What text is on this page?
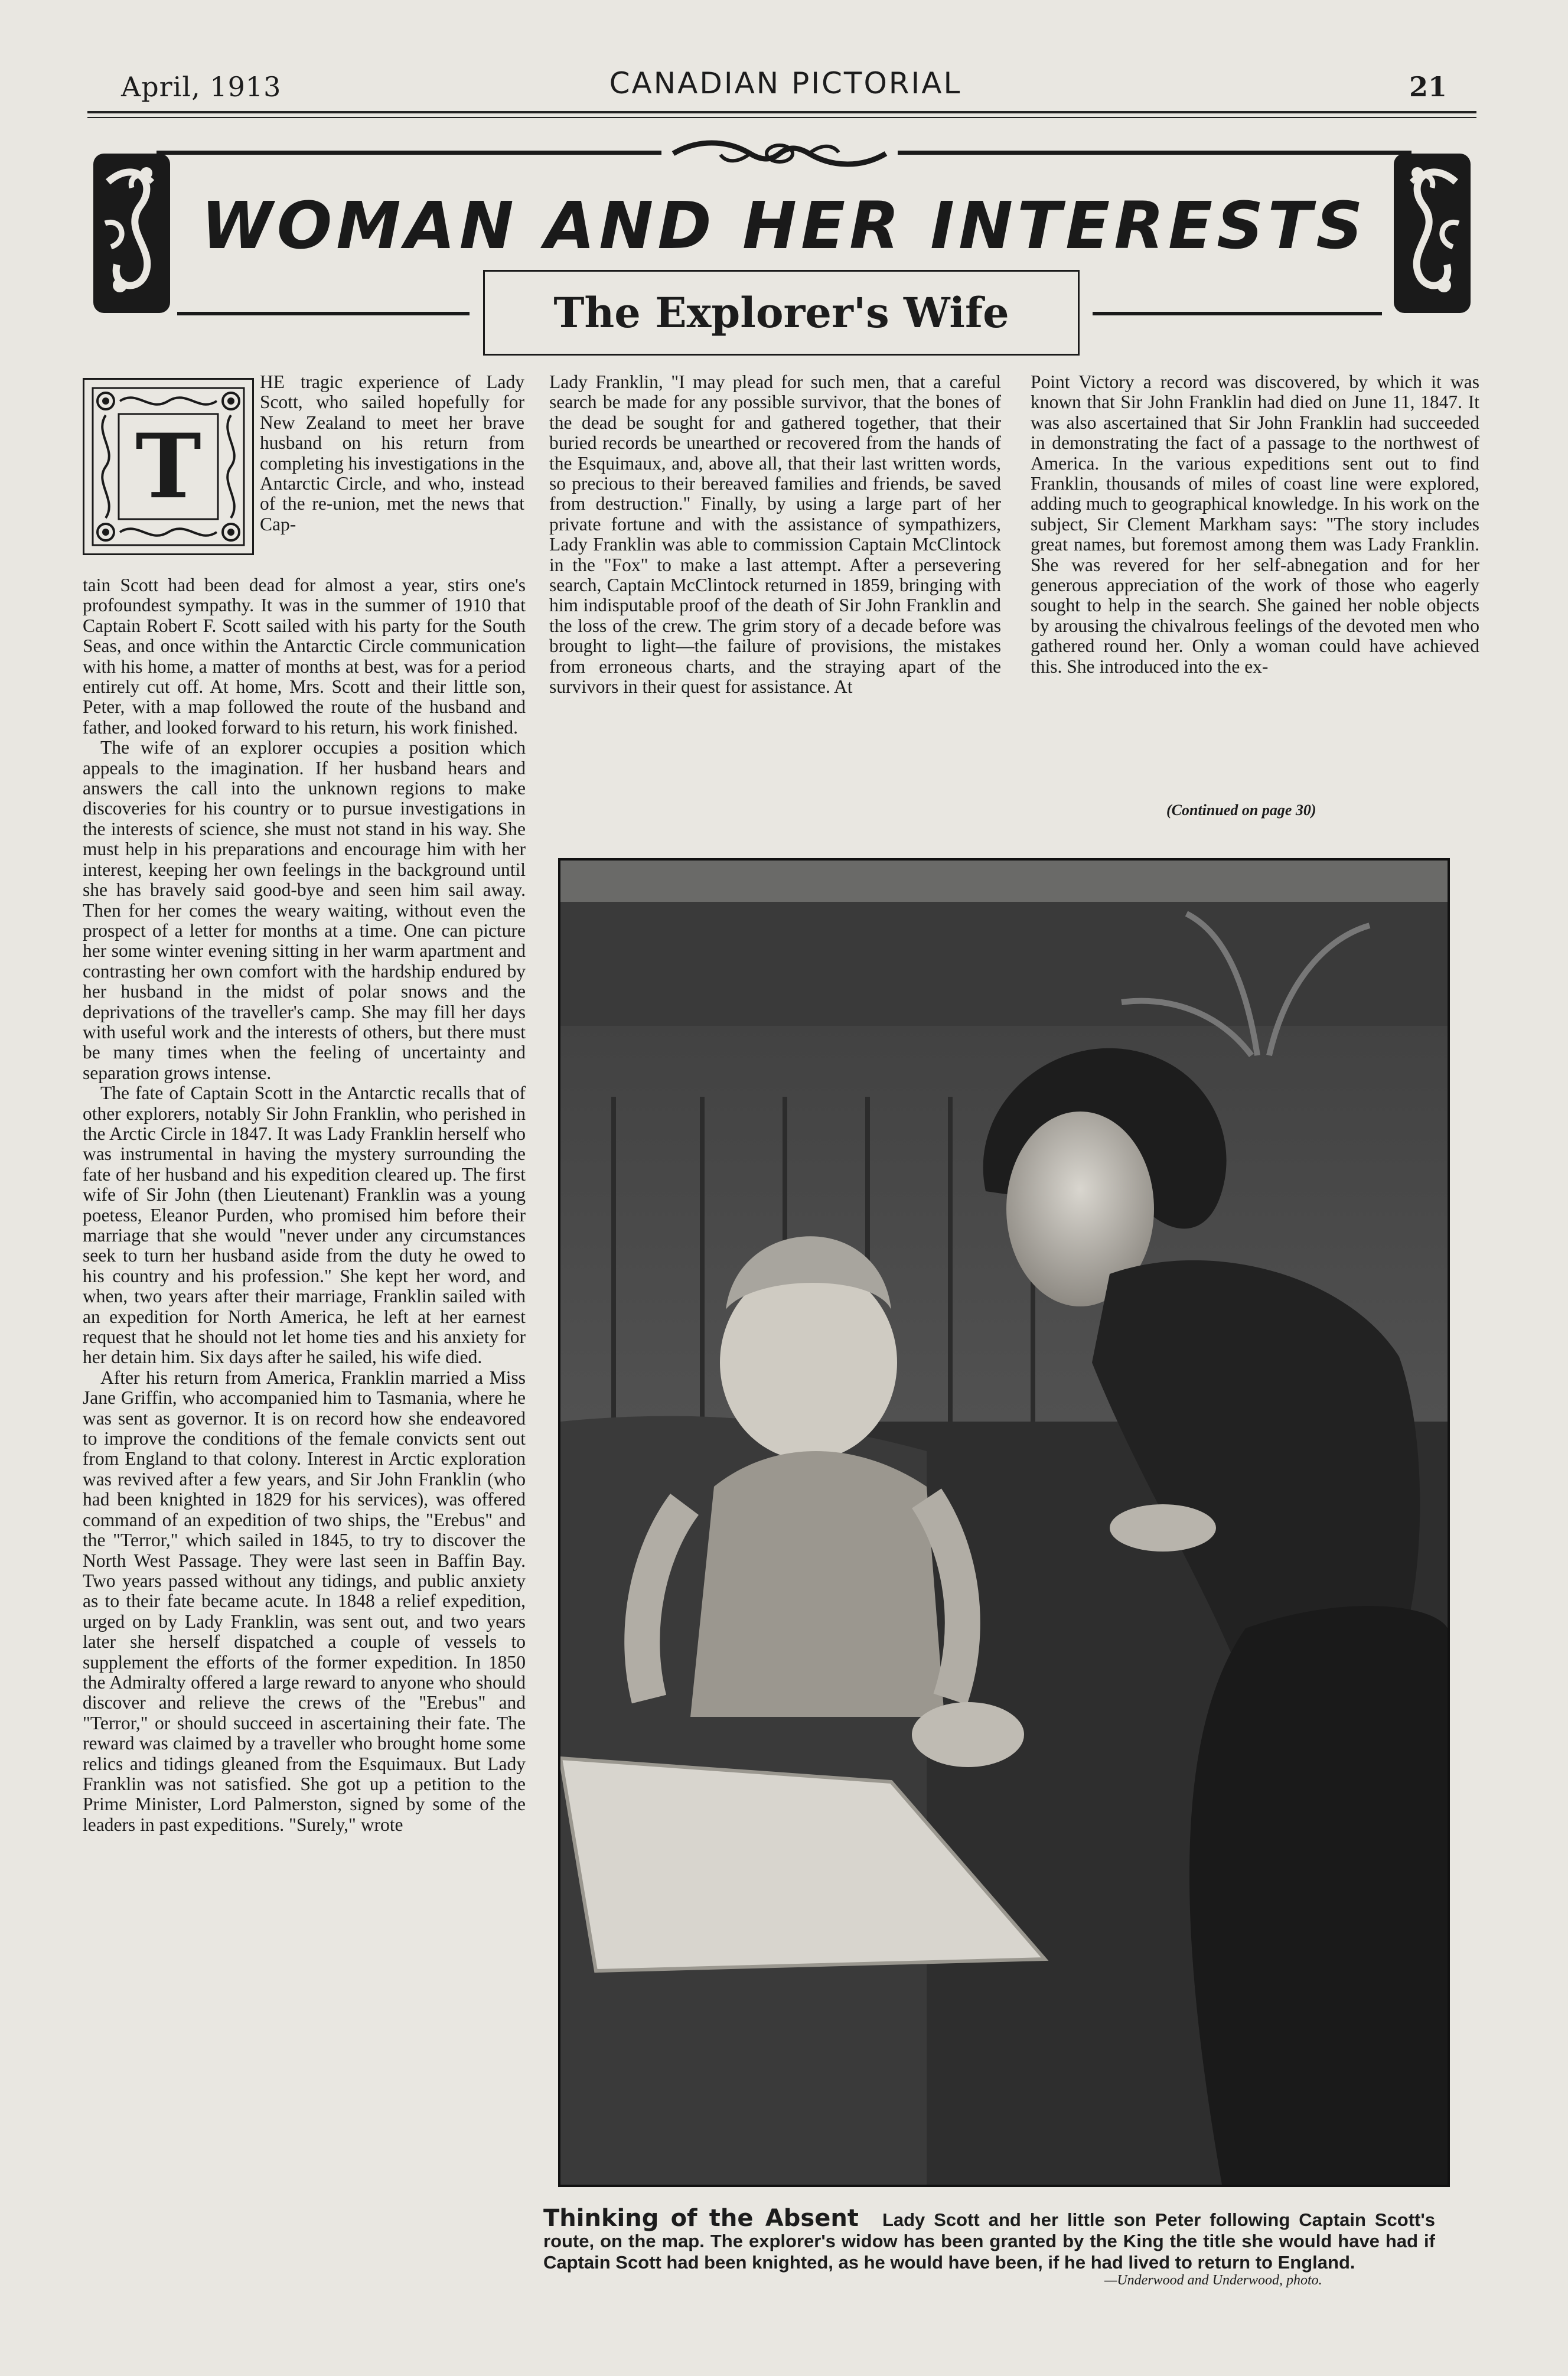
April, 1913	CANADIAN PICTORIAL	21
WOMAN AND HER INTERESTS
The Explorer's Wife
T

HE tragic experience of Lady Scott, who sailed hopefully for New Zealand to meet her brave husband on his return from completing his investigations in the Antarctic Circle, and who, instead of the re-union, met the news that Cap-

tain Scott had been dead for almost a year, stirs one's profoundest sympathy. It was in the summer of 1910 that Captain Robert F. Scott sailed with his party for the South Seas, and once within the Antarctic Circle communication with his home, a matter of months at best, was for a period entirely cut off. At home, Mrs. Scott and their little son, Peter, with a map followed the route of the husband and father, and looked forward to his return, his work finished.

The wife of an explorer occupies a position which appeals to the imagination. If her husband hears and answers the call into the unknown regions to make discoveries for his country or to pursue investigations in the interests of science, she must not stand in his way. She must help in his preparations and encourage him with her interest, keeping her own feelings in the background until she has bravely said good-bye and seen him sail away. Then for her comes the weary waiting, without even the prospect of a letter for months at a time. One can picture her some winter evening sitting in her warm apartment and contrasting her own comfort with the hardship endured by her husband in the midst of polar snows and the deprivations of the traveller's camp. She may fill her days with useful work and the interests of others, but there must be many times when the feeling of uncertainty and separation grows intense.

The fate of Captain Scott in the Antarctic recalls that of other explorers, notably Sir John Franklin, who perished in the Arctic Circle in 1847. It was Lady Franklin herself who was instrumental in having the mystery surrounding the fate of her husband and his expedition cleared up. The first wife of Sir John (then Lieutenant) Franklin was a young poetess, Eleanor Purden, who promised him before their marriage that she would "never under any circumstances seek to turn her husband aside from the duty he owed to his country and his profession." She kept her word, and when, two years after their marriage, Franklin sailed with an expedition for North America, he left at her earnest request that he should not let home ties and his anxiety for her detain him. Six days after he sailed, his wife died.

After his return from America, Franklin married a Miss Jane Griffin, who accompanied him to Tasmania, where he was sent as governor. It is on record how she endeavored to improve the conditions of the female convicts sent out from England to that colony. Interest in Arctic exploration was revived after a few years, and Sir John Franklin (who had been knighted in 1829 for his services), was offered command of an expedition of two ships, the "Erebus" and the "Terror," which sailed in 1845, to try to discover the North West Passage. They were last seen in Baffin Bay. Two years passed without any tidings, and public anxiety as to their fate became acute. In 1848 a relief expedition, urged on by Lady Franklin, was sent out, and two years later she herself dispatched a couple of vessels to supplement the efforts of the former expedition. In 1850 the Admiralty offered a large reward to anyone who should discover and relieve the crews of the "Erebus" and "Terror," or should succeed in ascertaining their fate. The reward was claimed by a traveller who brought home some relics and tidings gleaned from the Esquimaux. But Lady Franklin was not satisfied. She got up a petition to the Prime Minister, Lord Palmerston, signed by some of the leaders in past expeditions. "Surely," wrote

Lady Franklin, "I may plead for such men, that a careful search be made for any possible survivor, that the bones of the dead be sought for and gathered together, that their buried records be unearthed or recovered from the hands of the Esquimaux, and, above all, that their last written words, so precious to their bereaved families and friends, be saved from destruction." Finally, by using a large part of her private fortune and with the assistance of sympathizers, Lady Franklin was able to commission Captain McClintock in the "Fox" to make a last attempt. After a persevering search, Captain McClintock returned in 1859, bringing with him indisputable proof of the death of Sir John Franklin and the loss of the crew. The grim story of a decade before was brought to light—the failure of provisions, the mistakes from erroneous charts, and the straying apart of the survivors in their quest for assistance. At

Point Victory a record was discovered, by which it was known that Sir John Franklin had died on June 11, 1847. It was also ascertained that Sir John Franklin had succeeded in demonstrating the fact of a passage to the northwest of America. In the various expeditions sent out to find Franklin, thousands of miles of coast line were explored, adding much to geographical knowledge. In his work on the subject, Sir Clement Markham says: "The story includes great names, but foremost among them was Lady Franklin. She was revered for her self-abnegation and for her generous appreciation of the work of those who eagerly sought to help in the search. She gained her noble objects by arousing the chivalrous feelings of the devoted men who gathered round her. Only a woman could have achieved this. She introduced into the ex-

(Continued on page 30)
Thinking of the Absent Lady Scott and her little son Peter following Captain Scott's route, on the map. The explorer's widow has been granted by the King the title she would have had if Captain Scott had been knighted, as he would have been, if he had lived to return to England.
—Underwood and Underwood, photo.
